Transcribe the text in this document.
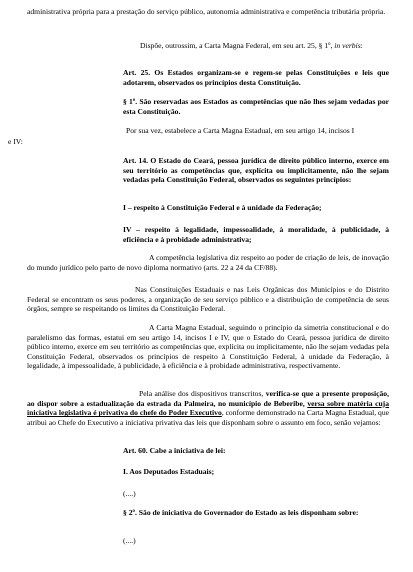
administrativa própria para a prestação do serviço público, autonomia administrativa e competência tributária própria.

Dispõe, outrossim, a Carta Magna Federal, em seu art. 25, § 1º, in verbis:

Art. 25. Os Estados organizam-se e regem-se pelas Constituições e leis que adotarem, observados os princípios desta Constituição.

§ 1º. São reservadas aos Estados as competências que não lhes sejam vedadas por esta Constituição.

Por sua vez, estabelece a Carta Magna Estadual, em seu artigo 14, incisos I

e IV:

Art. 14. O Estado do Ceará, pessoa jurídica de direito público interno, exerce em seu território as competências que, explícita ou implicitamente, não lhe sejam vedadas pela Constituição Federal, observados os seguintes princípios:

I – respeito à Constituição Federal e à unidade da Federação;

IV – respeito à legalidade, impessoalidade, à moralidade, à publicidade, à eficiência e à probidade administrativa;

A competência legislativa diz respeito ao poder de criação de leis, de inovação do mundo jurídico pelo parto de novo diploma normativo (arts. 22 a 24 da CF/88).

Nas Constituições Estaduais e nas Leis Orgânicas dos Municípios e do Distrito Federal se encontram os seus poderes, a organização de seu serviço público e a distribuição de competência de seus órgãos, sempre se respeitando os limites da Constituição Federal.

A Carta Magna Estadual, seguindo o princípio da simetria constitucional e do paralelismo das formas, estatui em seu artigo 14, incisos I e IV, que o Estado do Ceará, pessoa jurídica de direito público interno, exerce em seu território as competências que, explícita ou implicitamente, não lhe sejam vedadas pela Constituição Federal, observados os princípios de respeito à Constituição Federal, à unidade da Federação, à legalidade, à impessoalidade, à publicidade, à eficiência e à probidade administrativa, respectivamente.

Pela análise dos dispositivos transcritos, verifica-se que a presente proposição, ao dispor sobre a estadualização da estrada da Palmeira, no município de Beberibe, versa sobre matéria cuja iniciativa legislativa é privativa do chefe do Poder Executivo, conforme demonstrado na Carta Magna Estadual, que atribui ao Chefe do Executivo a iniciativa privativa das leis que disponham sobre o assunto em foco, senão vejamos:

Art. 60. Cabe a iniciativa de lei:

I. Aos Deputados Estaduais;

(....)

§ 2º. São de iniciativa do Governador do Estado as leis disponham sobre:

(....)
